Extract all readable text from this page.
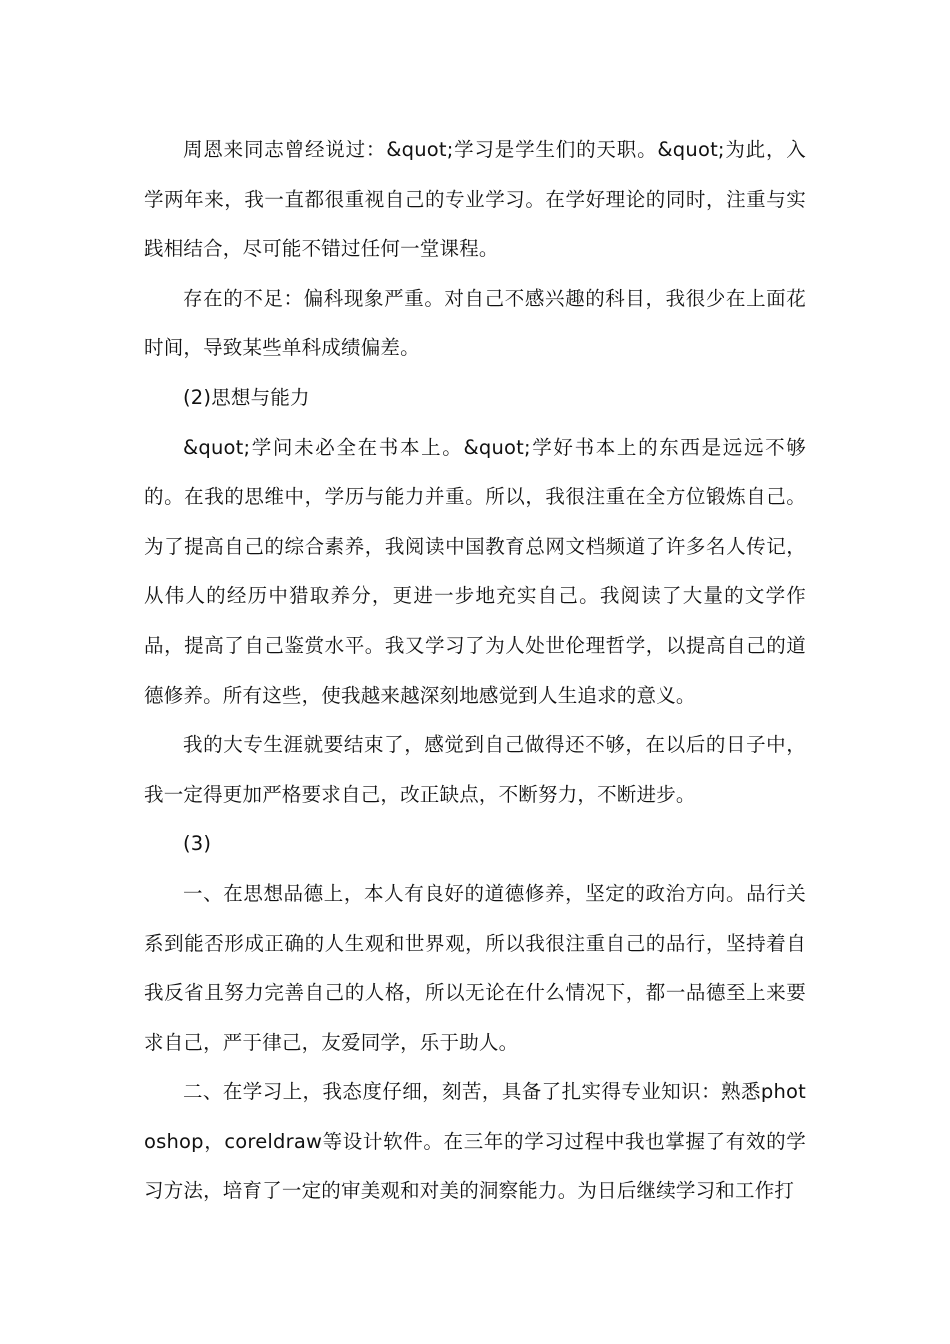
周恩来同志曾经说过：&quot;学习是学生们的天职。&quot;为此，入学两年来，我一直都很重视自己的专业学习。在学好理论的同时，注重与实践相结合，尽可能不错过任何一堂课程。

存在的不足：偏科现象严重。对自己不感兴趣的科目，我很少在上面花时间，导致某些单科成绩偏差。

(2)思想与能力

&quot;学问未必全在书本上。&quot;学好书本上的东西是远远不够的。在我的思维中，学历与能力并重。所以，我很注重在全方位锻炼自己。为了提高自己的综合素养，我阅读中国教育总网文档频道了许多名人传记，从伟人的经历中猎取养分，更进一步地充实自己。我阅读了大量的文学作品，提高了自己鉴赏水平。我又学习了为人处世伦理哲学，以提高自己的道德修养。所有这些，使我越来越深刻地感觉到人生追求的意义。

我的大专生涯就要结束了，感觉到自己做得还不够，在以后的日子中，我一定得更加严格要求自己，改正缺点，不断努力，不断进步。

(3)

一、在思想品德上，本人有良好的道德修养，坚定的政治方向。品行关系到能否形成正确的人生观和世界观，所以我很注重自己的品行，坚持着自我反省且努力完善自己的人格，所以无论在什么情况下，都一品德至上来要求自己，严于律己，友爱同学，乐于助人。

二、在学习上，我态度仔细，刻苦，具备了扎实得专业知识：熟悉photoshop，coreldraw等设计软件。在三年的学习过程中我也掌握了有效的学习方法，培育了一定的审美观和对美的洞察能力。为日后继续学习和工作打
